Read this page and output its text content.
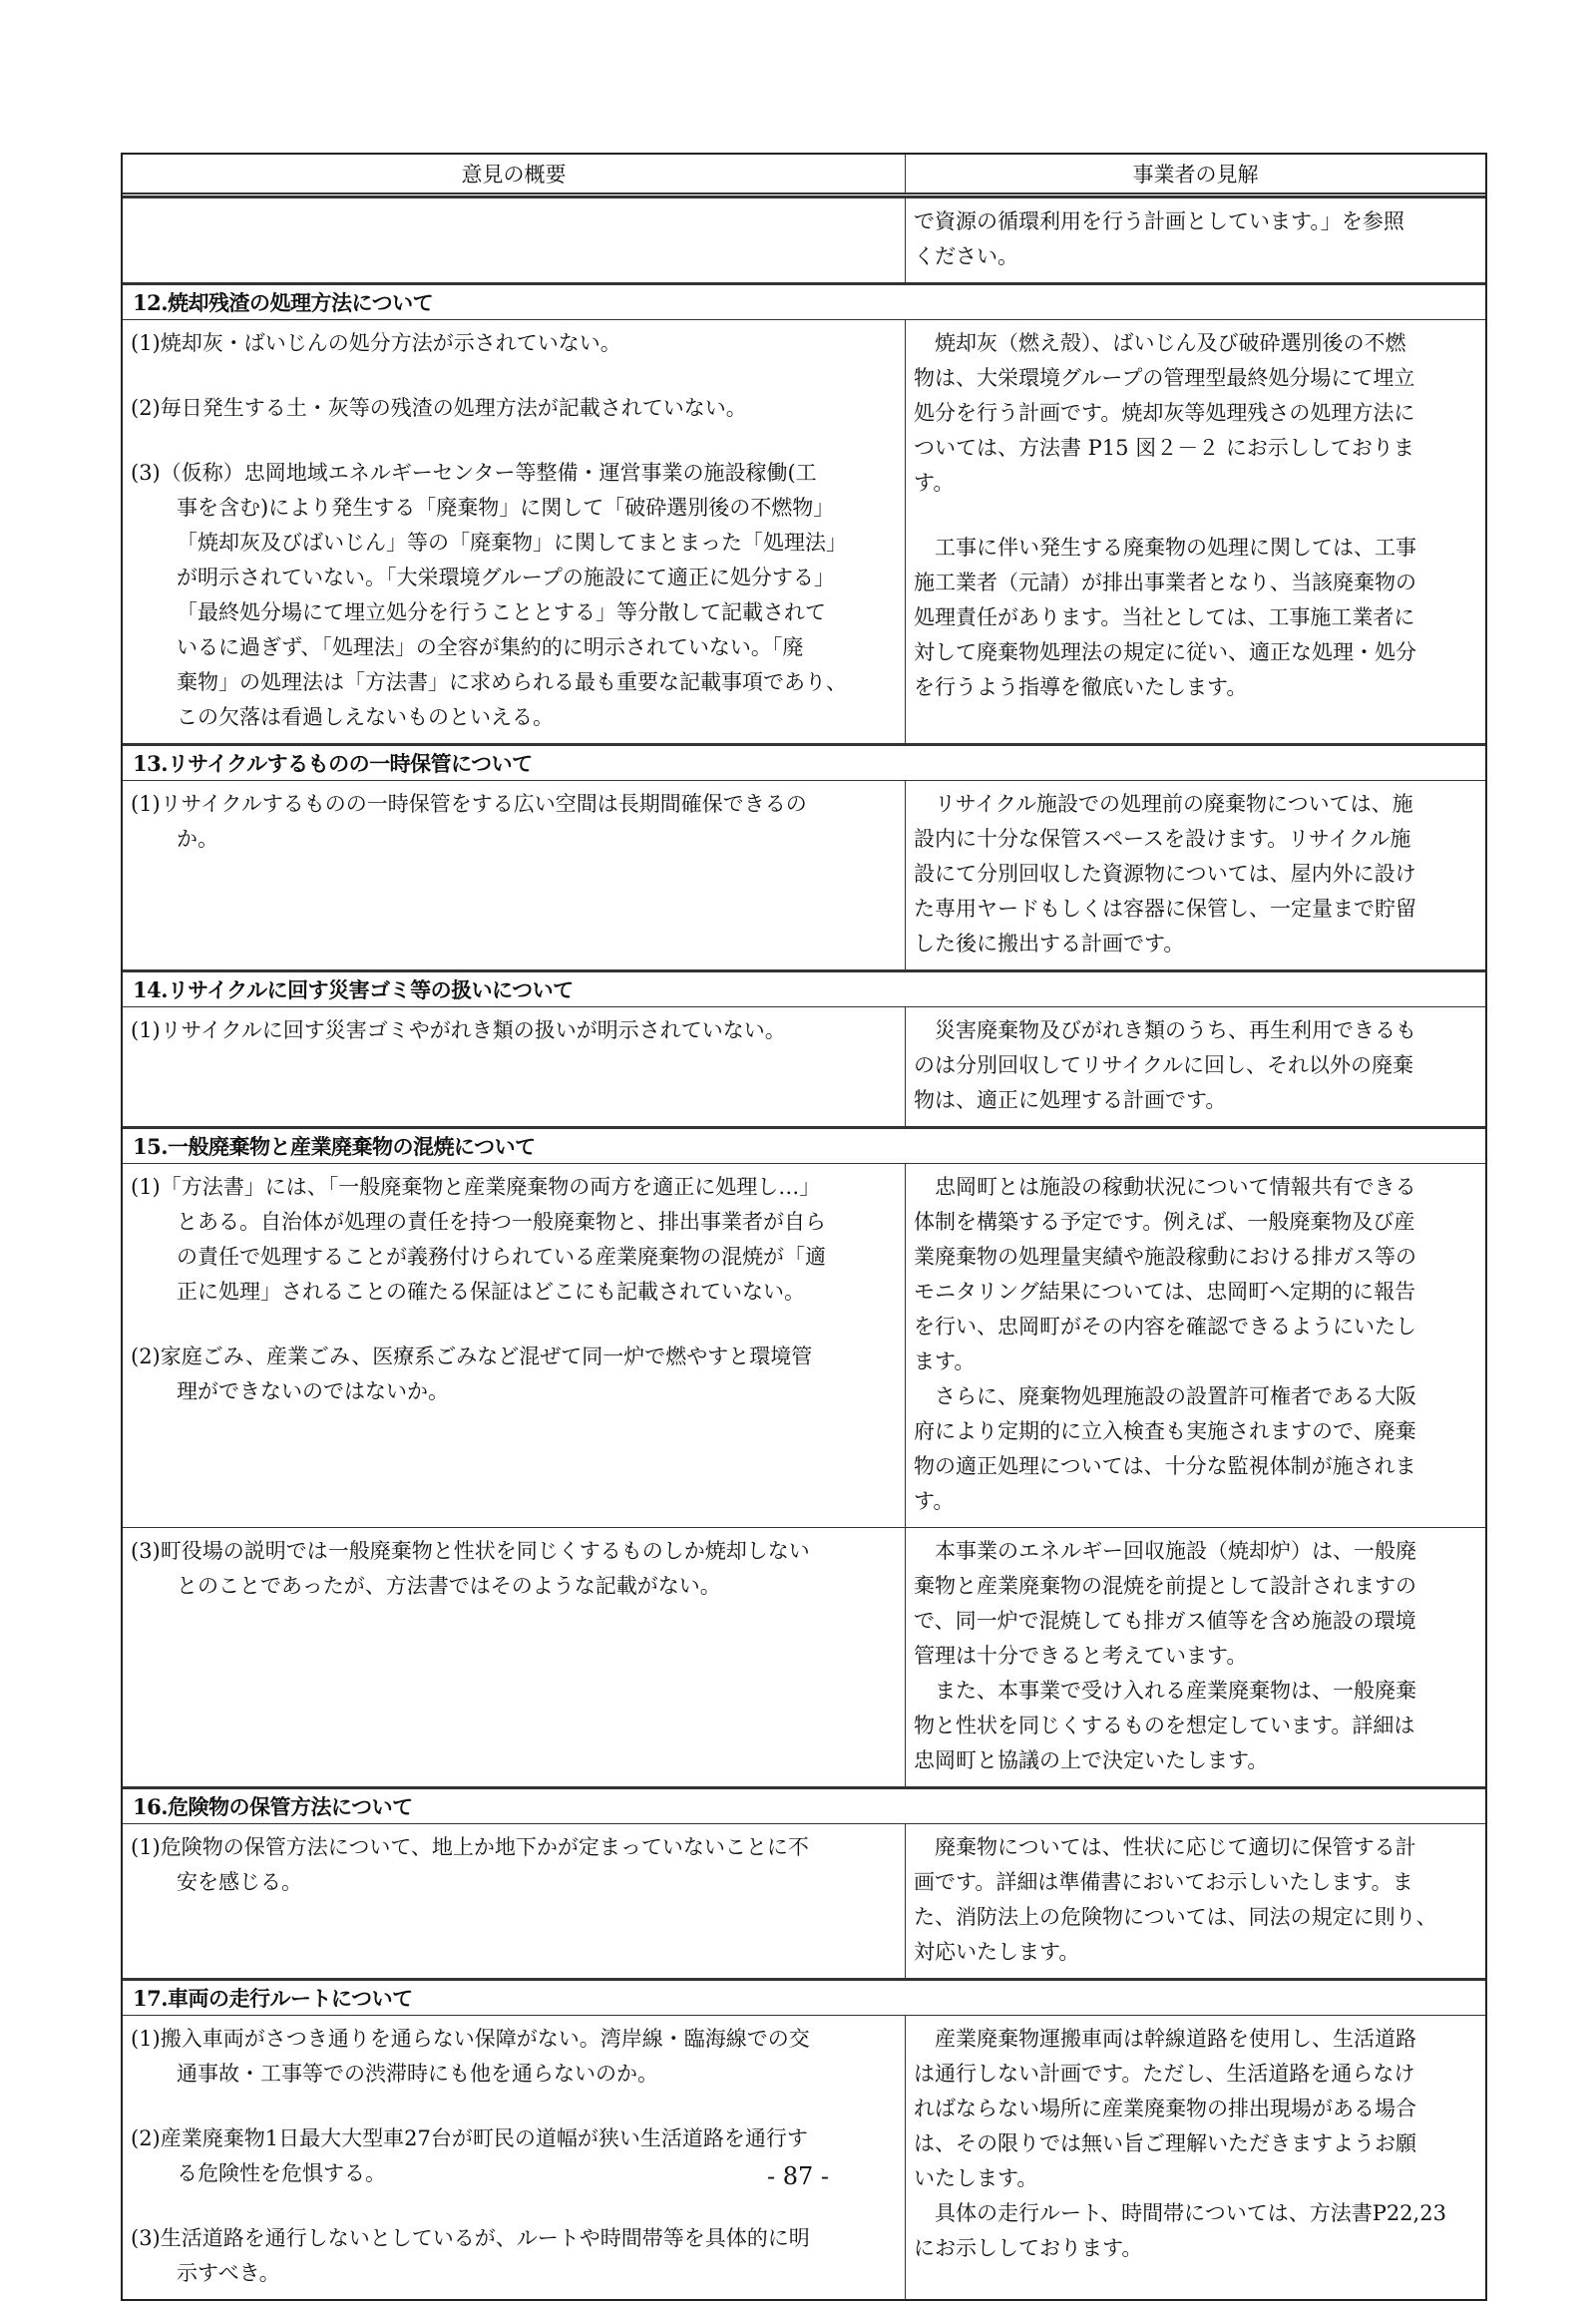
意見の概要	事業者の見解
で資源の循環利用を行う計画としています。」を参照
ください。
12.焼却残渣の処理方法について
(1)焼却灰・ばいじんの処分方法が示されていない。
(2)毎日発生する土・灰等の残渣の処理方法が記載されていない。
(3)（仮称）忠岡地域エネルギーセンター等整備・運営事業の施設稼働(工
事を含む)により発生する「廃棄物」に関して「破砕選別後の不燃物」
「焼却灰及びばいじん」等の「廃棄物」に関してまとまった「処理法」
が明示されていない。「大栄環境グループの施設にて適正に処分する」
「最終処分場にて埋立処分を行うこととする」等分散して記載されて
いるに過ぎず、「処理法」の全容が集約的に明示されていない。「廃
棄物」の処理法は「方法書」に求められる最も重要な記載事項であり、
この欠落は看過しえないものといえる。
　焼却灰（燃え殻）、ばいじん及び破砕選別後の不燃
物は、大栄環境グループの管理型最終処分場にて埋立
処分を行う計画です。焼却灰等処理残さの処理方法に
ついては、方法書 P15 図２－２ にお示ししておりま
す。
　工事に伴い発生する廃棄物の処理に関しては、工事
施工業者（元請）が排出事業者となり、当該廃棄物の
処理責任があります。当社としては、工事施工業者に
対して廃棄物処理法の規定に従い、適正な処理・処分
を行うよう指導を徹底いたします。
13.リサイクルするものの一時保管について
(1)リサイクルするものの一時保管をする広い空間は長期間確保できるの
か。
　リサイクル施設での処理前の廃棄物については、施
設内に十分な保管スペースを設けます。リサイクル施
設にて分別回収した資源物については、屋内外に設け
た専用ヤードもしくは容器に保管し、一定量まで貯留
した後に搬出する計画です。
14.リサイクルに回す災害ゴミ等の扱いについて
(1)リサイクルに回す災害ゴミやがれき類の扱いが明示されていない。	　災害廃棄物及びがれき類のうち、再生利用できるも
のは分別回収してリサイクルに回し、それ以外の廃棄
物は、適正に処理する計画です。
15.一般廃棄物と産業廃棄物の混焼について
(1)「方法書」には、「一般廃棄物と産業廃棄物の両方を適正に処理し…」
とある。自治体が処理の責任を持つ一般廃棄物と、排出事業者が自ら
の責任で処理することが義務付けられている産業廃棄物の混焼が「適
正に処理」されることの確たる保証はどこにも記載されていない。
(2)家庭ごみ、産業ごみ、医療系ごみなど混ぜて同一炉で燃やすと環境管
理ができないのではないか。
　忠岡町とは施設の稼動状況について情報共有できる
体制を構築する予定です。例えば、一般廃棄物及び産
業廃棄物の処理量実績や施設稼動における排ガス等の
モニタリング結果については、忠岡町へ定期的に報告
を行い、忠岡町がその内容を確認できるようにいたし
ます。
　さらに、廃棄物処理施設の設置許可権者である大阪
府により定期的に立入検査も実施されますので、廃棄
物の適正処理については、十分な監視体制が施されま
す。
(3)町役場の説明では一般廃棄物と性状を同じくするものしか焼却しない
とのことであったが、方法書ではそのような記載がない。
　本事業のエネルギー回収施設（焼却炉）は、一般廃
棄物と産業廃棄物の混焼を前提として設計されますの
で、同一炉で混焼しても排ガス値等を含め施設の環境
管理は十分できると考えています。
　また、本事業で受け入れる産業廃棄物は、一般廃棄
物と性状を同じくするものを想定しています。詳細は
忠岡町と協議の上で決定いたします。
16.危険物の保管方法について
(1)危険物の保管方法について、地上か地下かが定まっていないことに不
安を感じる。
　廃棄物については、性状に応じて適切に保管する計
画です。詳細は準備書においてお示しいたします。ま
た、消防法上の危険物については、同法の規定に則り、
対応いたします。
17.車両の走行ルートについて
(1)搬入車両がさつき通りを通らない保障がない。湾岸線・臨海線での交
通事故・工事等での渋滞時にも他を通らないのか。
(2)産業廃棄物1日最大大型車27台が町民の道幅が狭い生活道路を通行す
る危険性を危惧する。
(3)生活道路を通行しないとしているが、ルートや時間帯等を具体的に明
示すべき。
　産業廃棄物運搬車両は幹線道路を使用し、生活道路
は通行しない計画です。ただし、生活道路を通らなけ
ればならない場所に産業廃棄物の排出現場がある場合
は、その限りでは無い旨ご理解いただきますようお願
いたします。
　具体の走行ルート、時間帯については、方法書P22,23
にお示ししております。
- 87 -
